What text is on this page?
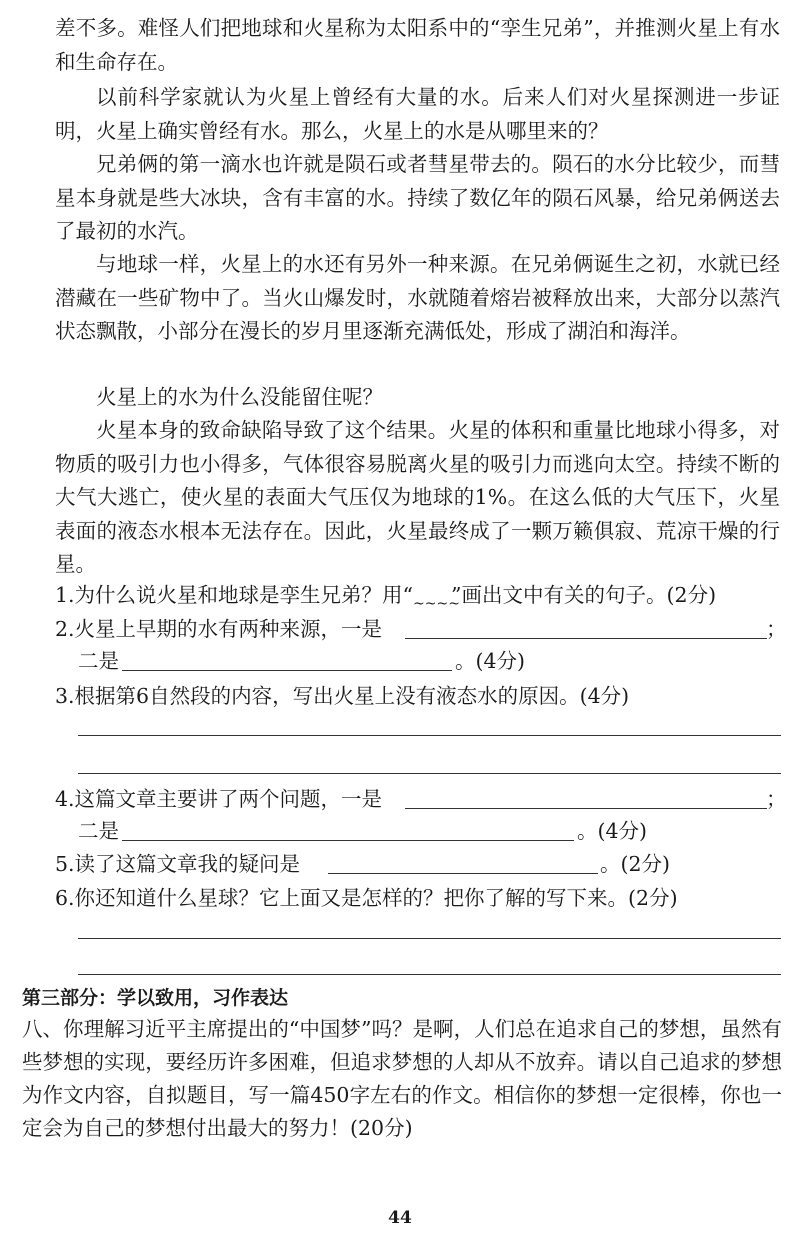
差不多。难怪人们把地球和火星称为太阳系中的“孪生兄弟”，并推测火星上有水和生命存在。

以前科学家就认为火星上曾经有大量的水。后来人们对火星探测进一步证明，火星上确实曾经有水。那么，火星上的水是从哪里来的？

兄弟俩的第一滴水也许就是陨石或者彗星带去的。陨石的水分比较少，而彗星本身就是些大冰块，含有丰富的水。持续了数亿年的陨石风暴，给兄弟俩送去了最初的水汽。

与地球一样，火星上的水还有另外一种来源。在兄弟俩诞生之初，水就已经潜藏在一些矿物中了。当火山爆发时，水就随着熔岩被释放出来，大部分以蒸汽状态飘散，小部分在漫长的岁月里逐渐充满低处，形成了湖泊和海洋。

火星上的水为什么没能留住呢？

火星本身的致命缺陷导致了这个结果。火星的体积和重量比地球小得多，对物质的吸引力也小得多，气体很容易脱离火星的吸引力而逃向太空。持续不断的大气大逃亡，使火星的表面大气压仅为地球的1%。在这么低的大气压下，火星表面的液态水根本无法存在。因此，火星最终成了一颗万籁俱寂、荒凉干燥的行星。

1.为什么说火星和地球是孪生兄弟？用“~~~~”画出文中有关的句子。(2分)
2.火星上早期的水有两种来源，一是	；
二是	。(4分)
3.根据第6自然段的内容，写出火星上没有液态水的原因。(4分)
4.这篇文章主要讲了两个问题，一是	；
二是	。(4分)
5.读了这篇文章我的疑问是	。(2分)
6.你还知道什么星球？它上面又是怎样的？把你了解的写下来。(2分)
第三部分：学以致用，习作表达

八、你理解习近平主席提出的“中国梦”吗？是啊，人们总在追求自己的梦想，虽然有些梦想的实现，要经历许多困难，但追求梦想的人却从不放弃。请以自己追求的梦想为作文内容，自拟题目，写一篇450字左右的作文。相信你的梦想一定很棒，你也一定会为自己的梦想付出最大的努力！(20分)

44
